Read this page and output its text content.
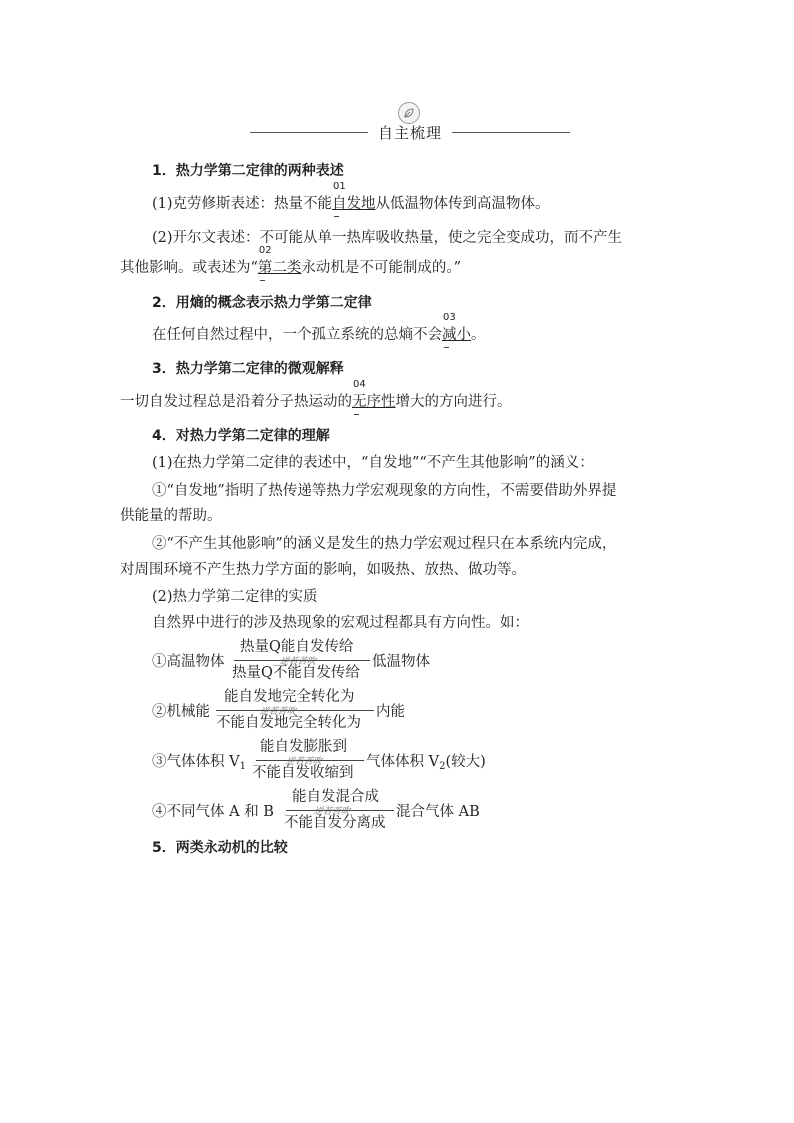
自主梳理
1．热力学第二定律的两种表述
(1)克劳修斯表述：热量不能
01
自发地
从低温物体传到高温物体。
(2)开尔文表述：不可能从单一热库吸收热量，使之完全变成功，而不产生
其他影响。或表述为“
02
第二类
永动机是不可能制成的。”
2．用熵的概念表示热力学第二定律
在任何自然过程中，一个孤立系统的总熵不会
03
减小
。
3．热力学第二定律的微观解释
一切自发过程总是沿着分子热运动的
04
无序性
增大的方向进行。
4．对热力学第二定律的理解
(1)在热力学第二定律的表述中，“自发地”“不产生其他影响”的涵义：
①“自发地”指明了热传递等热力学宏观现象的方向性，不需要借助外界提
供能量的帮助。
②“不产生其他影响”的涵义是发生的热力学宏观过程只在本系统内完成，
对周围环境不产生热力学方面的影响，如吸热、放热、做功等。
(2)热力学第二定律的实质
自然界中进行的涉及热现象的宏观过程都具有方向性。如：
①高温物体
热量Q能自发传给
逆若苦吹
热量Q不能自发传给
低温物体
②机械能
能自发地完全转化为
逆若苦吹
不能自发地完全转化为
内能
③气体体积 $V_1$
能自发膨胀到
逆若苦吹
不能自发收缩到
气体体积 $V_2$(较大)
④不同气体 A 和 B
能自发混合成
逆若苦吹
不能自发分离成
混合气体 AB
5．两类永动机的比较
